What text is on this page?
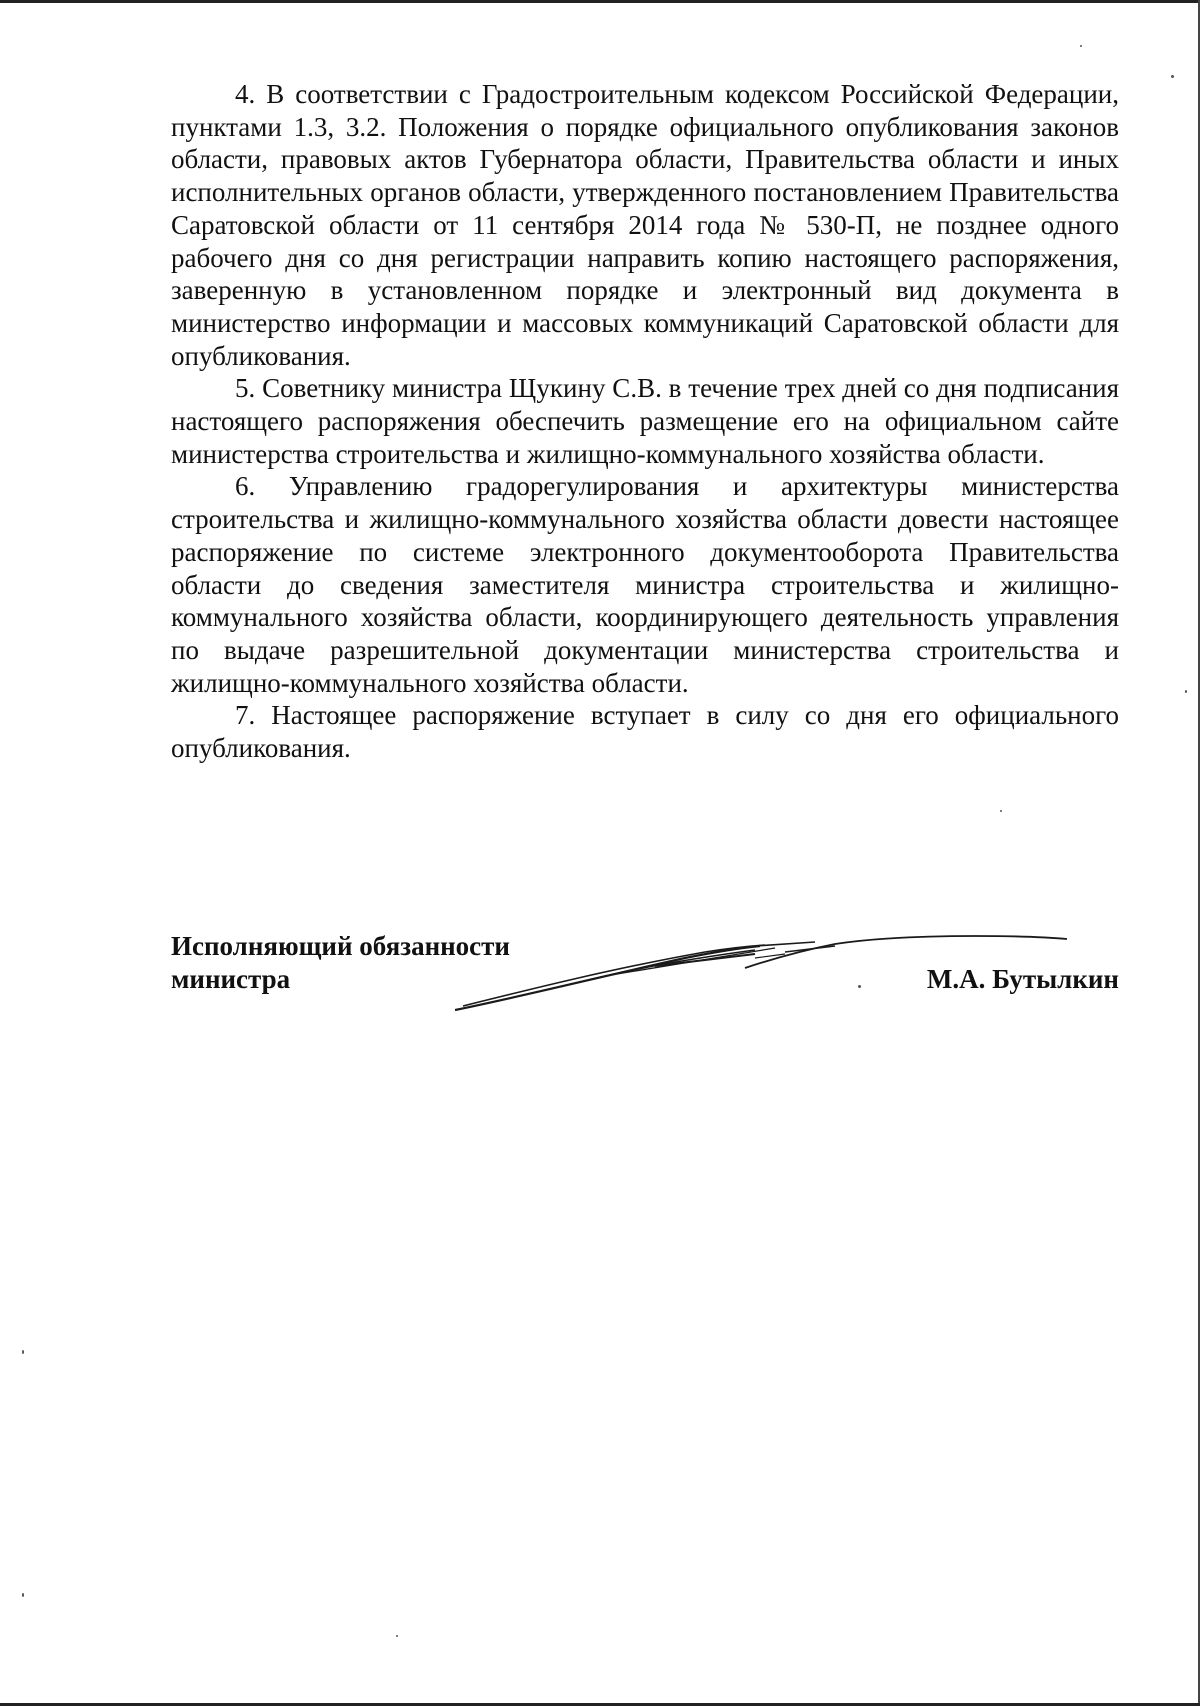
4. В соответствии с Градостроительным кодексом Российской Федерации, пунктами 1.3, 3.2. Положения о порядке официального опубликования законов области, правовых актов Губернатора области, Правительства области и иных исполнительных органов области, утвержденного постановлением Правительства Саратовской области от 11 сентября 2014 года № 530-П, не позднее одного рабочего дня со дня регистрации направить копию настоящего распоряжения, заверенную в установленном порядке и электронный вид документа в министерство информации и массовых коммуникаций Саратовской области для опубликования.

5. Советнику министра Щукину С.В. в течение трех дней со дня подписания настоящего распоряжения обеспечить размещение его на официальном сайте министерства строительства и жилищно-коммунального хозяйства области.

6. Управлению градорегулирования и архитектуры министерства строительства и жилищно-коммунального хозяйства области довести настоящее распоряжение по системе электронного документооборота Правительства области до сведения заместителя министра строительства и жилищно-коммунального хозяйства области, координирующего деятельность управления по выдаче разрешительной документации министерства строительства и жилищно-коммунального хозяйства области.

7. Настоящее распоряжение вступает в силу со дня его официального опубликования.

Исполняющий обязанности
министра	М.А. Бутылкин
